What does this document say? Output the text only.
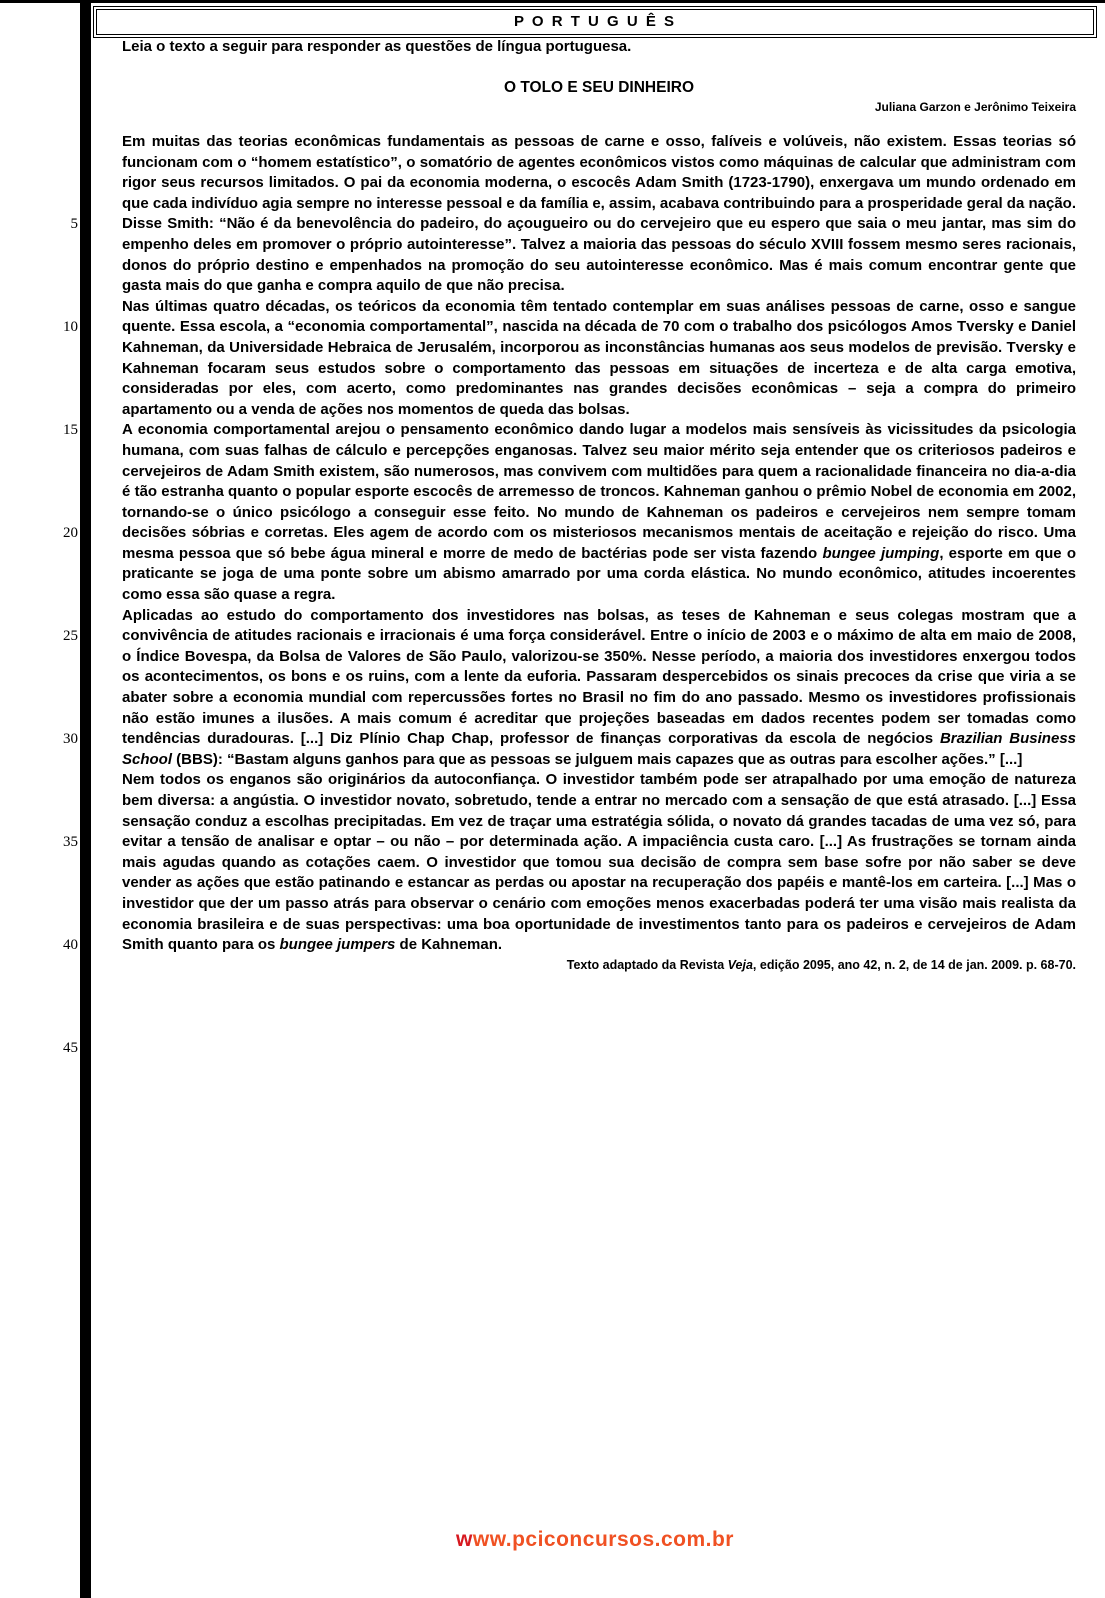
P O R T U G U Ê S

Leia o texto a seguir para responder as questões de língua portuguesa.

O TOLO E SEU DINHEIRO
Juliana Garzon e Jerônimo Teixeira

Em muitas das teorias econômicas fundamentais as pessoas de carne e osso, falíveis e volúveis, não existem. Essas teorias só funcionam com o “homem estatístico”, o somatório de agentes econômicos vistos como máquinas de calcular que administram com rigor seus recursos limitados. O pai da economia moderna, o escocês Adam Smith (1723-1790), enxergava um mundo ordenado em que cada indivíduo agia sempre no interesse pessoal e da família e, assim, acabava contribuindo para a prosperidade geral da nação. Disse Smith: “Não é da benevolência do padeiro, do açougueiro ou do cervejeiro que eu espero que saia o meu jantar, mas sim do empenho deles em promover o próprio autointeresse”. Talvez a maioria das pessoas do século XVIII fossem mesmo seres racionais, donos do próprio destino e empenhados na promoção do seu autointeresse econômico. Mas é mais comum encontrar gente que gasta mais do que ganha e compra aquilo de que não precisa.

Nas últimas quatro décadas, os teóricos da economia têm tentado contemplar em suas análises pessoas de carne, osso e sangue quente. Essa escola, a “economia comportamental”, nascida na década de 70 com o trabalho dos psicólogos Amos Tversky e Daniel Kahneman, da Universidade Hebraica de Jerusalém, incorporou as inconstâncias humanas aos seus modelos de previsão. Tversky e Kahneman focaram seus estudos sobre o comportamento das pessoas em situações de incerteza e de alta carga emotiva, consideradas por eles, com acerto, como predominantes nas grandes decisões econômicas – seja a compra do primeiro apartamento ou a venda de ações nos momentos de queda das bolsas.

A economia comportamental arejou o pensamento econômico dando lugar a modelos mais sensíveis às vicissitudes da psicologia humana, com suas falhas de cálculo e percepções enganosas. Talvez seu maior mérito seja entender que os criteriosos padeiros e cervejeiros de Adam Smith existem, são numerosos, mas convivem com multidões para quem a racionalidade financeira no dia-a-dia é tão estranha quanto o popular esporte escocês de arremesso de troncos. Kahneman ganhou o prêmio Nobel de economia em 2002, tornando-se o único psicólogo a conseguir esse feito. No mundo de Kahneman os padeiros e cervejeiros nem sempre tomam decisões sóbrias e corretas. Eles agem de acordo com os misteriosos mecanismos mentais de aceitação e rejeição do risco. Uma mesma pessoa que só bebe água mineral e morre de medo de bactérias pode ser vista fazendo bungee jumping, esporte em que o praticante se joga de uma ponte sobre um abismo amarrado por uma corda elástica. No mundo econômico, atitudes incoerentes como essa são quase a regra.

Aplicadas ao estudo do comportamento dos investidores nas bolsas, as teses de Kahneman e seus colegas mostram que a convivência de atitudes racionais e irracionais é uma força considerável. Entre o início de 2003 e o máximo de alta em maio de 2008, o Índice Bovespa, da Bolsa de Valores de São Paulo, valorizou-se 350%. Nesse período, a maioria dos investidores enxergou todos os acontecimentos, os bons e os ruins, com a lente da euforia. Passaram despercebidos os sinais precoces da crise que viria a se abater sobre a economia mundial com repercussões fortes no Brasil no fim do ano passado. Mesmo os investidores profissionais não estão imunes a ilusões. A mais comum é acreditar que projeções baseadas em dados recentes podem ser tomadas como tendências duradouras. [...] Diz Plínio Chap Chap, professor de finanças corporativas da escola de negócios Brazilian Business School (BBS): “Bastam alguns ganhos para que as pessoas se julguem mais capazes que as outras para escolher ações.” [...]

Nem todos os enganos são originários da autoconfiança. O investidor também pode ser atrapalhado por uma emoção de natureza bem diversa: a angústia. O investidor novato, sobretudo, tende a entrar no mercado com a sensação de que está atrasado. [...] Essa sensação conduz a escolhas precipitadas. Em vez de traçar uma estratégia sólida, o novato dá grandes tacadas de uma vez só, para evitar a tensão de analisar e optar – ou não – por determinada ação. A impaciência custa caro. [...] As frustrações se tornam ainda mais agudas quando as cotações caem. O investidor que tomou sua decisão de compra sem base sofre por não saber se deve vender as ações que estão patinando e estancar as perdas ou apostar na recuperação dos papéis e mantê-los em carteira. [...] Mas o investidor que der um passo atrás para observar o cenário com emoções menos exacerbadas poderá ter uma visão mais realista da economia brasileira e de suas perspectivas: uma boa oportunidade de investimentos tanto para os padeiros e cervejeiros de Adam Smith quanto para os bungee jumpers de Kahneman.

Texto adaptado da Revista Veja, edição 2095, ano 42, n. 2, de 14 de jan. 2009. p. 68-70.
5
10
15
20
25
30
35
40
45
www.pciconcursos.com.br
